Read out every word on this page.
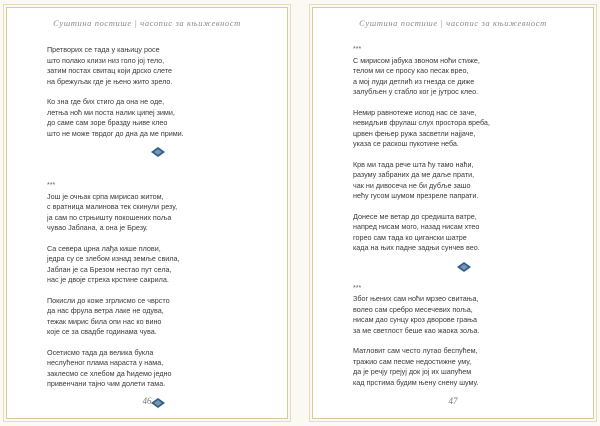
Суштина постише | часопис за књижевност
Претворих се тада у кањицу росе
што полако клизи низ голо јој тело,
затим постах свитац који дрско слете
на брежуљак где је њено жито зрело.
Ко зна где бих стиго да она не оде,
летња ноћ ми поста налик ципеј зими,
до саме сам зоре бразду њиве клео
што не може тврдог до дна да ме прими.
***
Још је очњак српа мирисао житом,
с вратница малинова тек скинули резу,
ја сам по стрњишту покошених поља
чувао Јаблана, а она је Брезу.
Са севера црна лађа кише плови,
једра су се злебом изнад земље свила,
Јаблан је са Брезом нестао пут села,
нас је двоје стреха крстине сакрила.
Покисли до коже згрлисмо се чврсто
да нас фрула ветра лаке не одува,
тежак мирис била опи нас ко вино
које се за свадбе годинама чува.
Осетисмо тада да велика букла
неслућеног плама нараста у нама,
заклесмо се хлебом да ћидемо једно
привенчани тајно чим долети тама.
46
Суштина постише | часопис за књижевност
***
С мирисом јабука звоном ноћи стиже,
телом ми се просу као песак вреo,
а мој луди детлић из гнезда се диже
залубљен у стабло ког је јутрос клео.
Немир равнотеже испод нас се заче,
невидљив фрулаш слух простора вреба,
црвен фењер ружа засветли најјаче,
указа се раскош пукотине неба.
Крв ми тада рече шта ћу тамо наћи,
разуму забраних да ме даље прати,
чак ни дивосеча не би дубље зашо
нећу гусом шумом презреле папрати.
Донесе ме ветар до средишта ватре,
напред нисам мого, назад нисам хтео
горео сам тада ко цигански шатре
када на њих падне задњи сунчев вео.
***
Због њених сам ноћи мрзео свитања,
волео сам сребро месечевих поља,
нисам дао сунцу кроз дворове грања
за ме светлост беше као жаока зоља.
Матловит сам често лутао беспућем,
тражио сам песме недостижне уму,
да је речју грејуј док јој их шапућем
кад прстима будим њену снену шуму.
47
